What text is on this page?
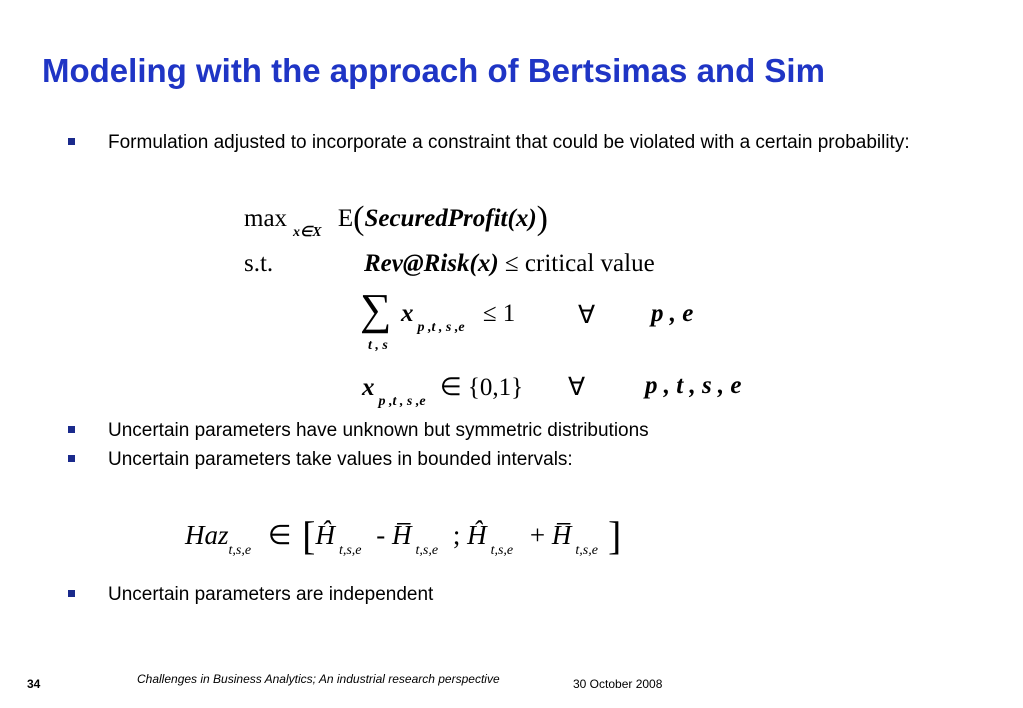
Modeling with the approach of Bertsimas and Sim
Formulation adjusted to incorporate a constraint that could be violated with a certain probability:
$\max_{x\in X}$ E(SecuredProfit(x))
s.t.	Rev@Risk(x) ≤ critical value
∑
t , s
$x_{p ,t , s ,e} \le 1$	∀ p , e
$x_{p ,t , s ,e}$ ∈ {0,1} ∀ p , t , s , e
Uncertain parameters have unknown but symmetric distributions
Uncertain parameters take values in bounded intervals:
Haz$_{t,s,e}$ ∈ [$Ĥ_{t,s,e}$ - $H̅_{t,s,e}$ ; $Ĥ_{t,s,e}$ + $H̅_{t,s,e}$ ]
Uncertain parameters are independent
34	Challenges in Business Analytics; An industrial research perspective	30 October 2008
